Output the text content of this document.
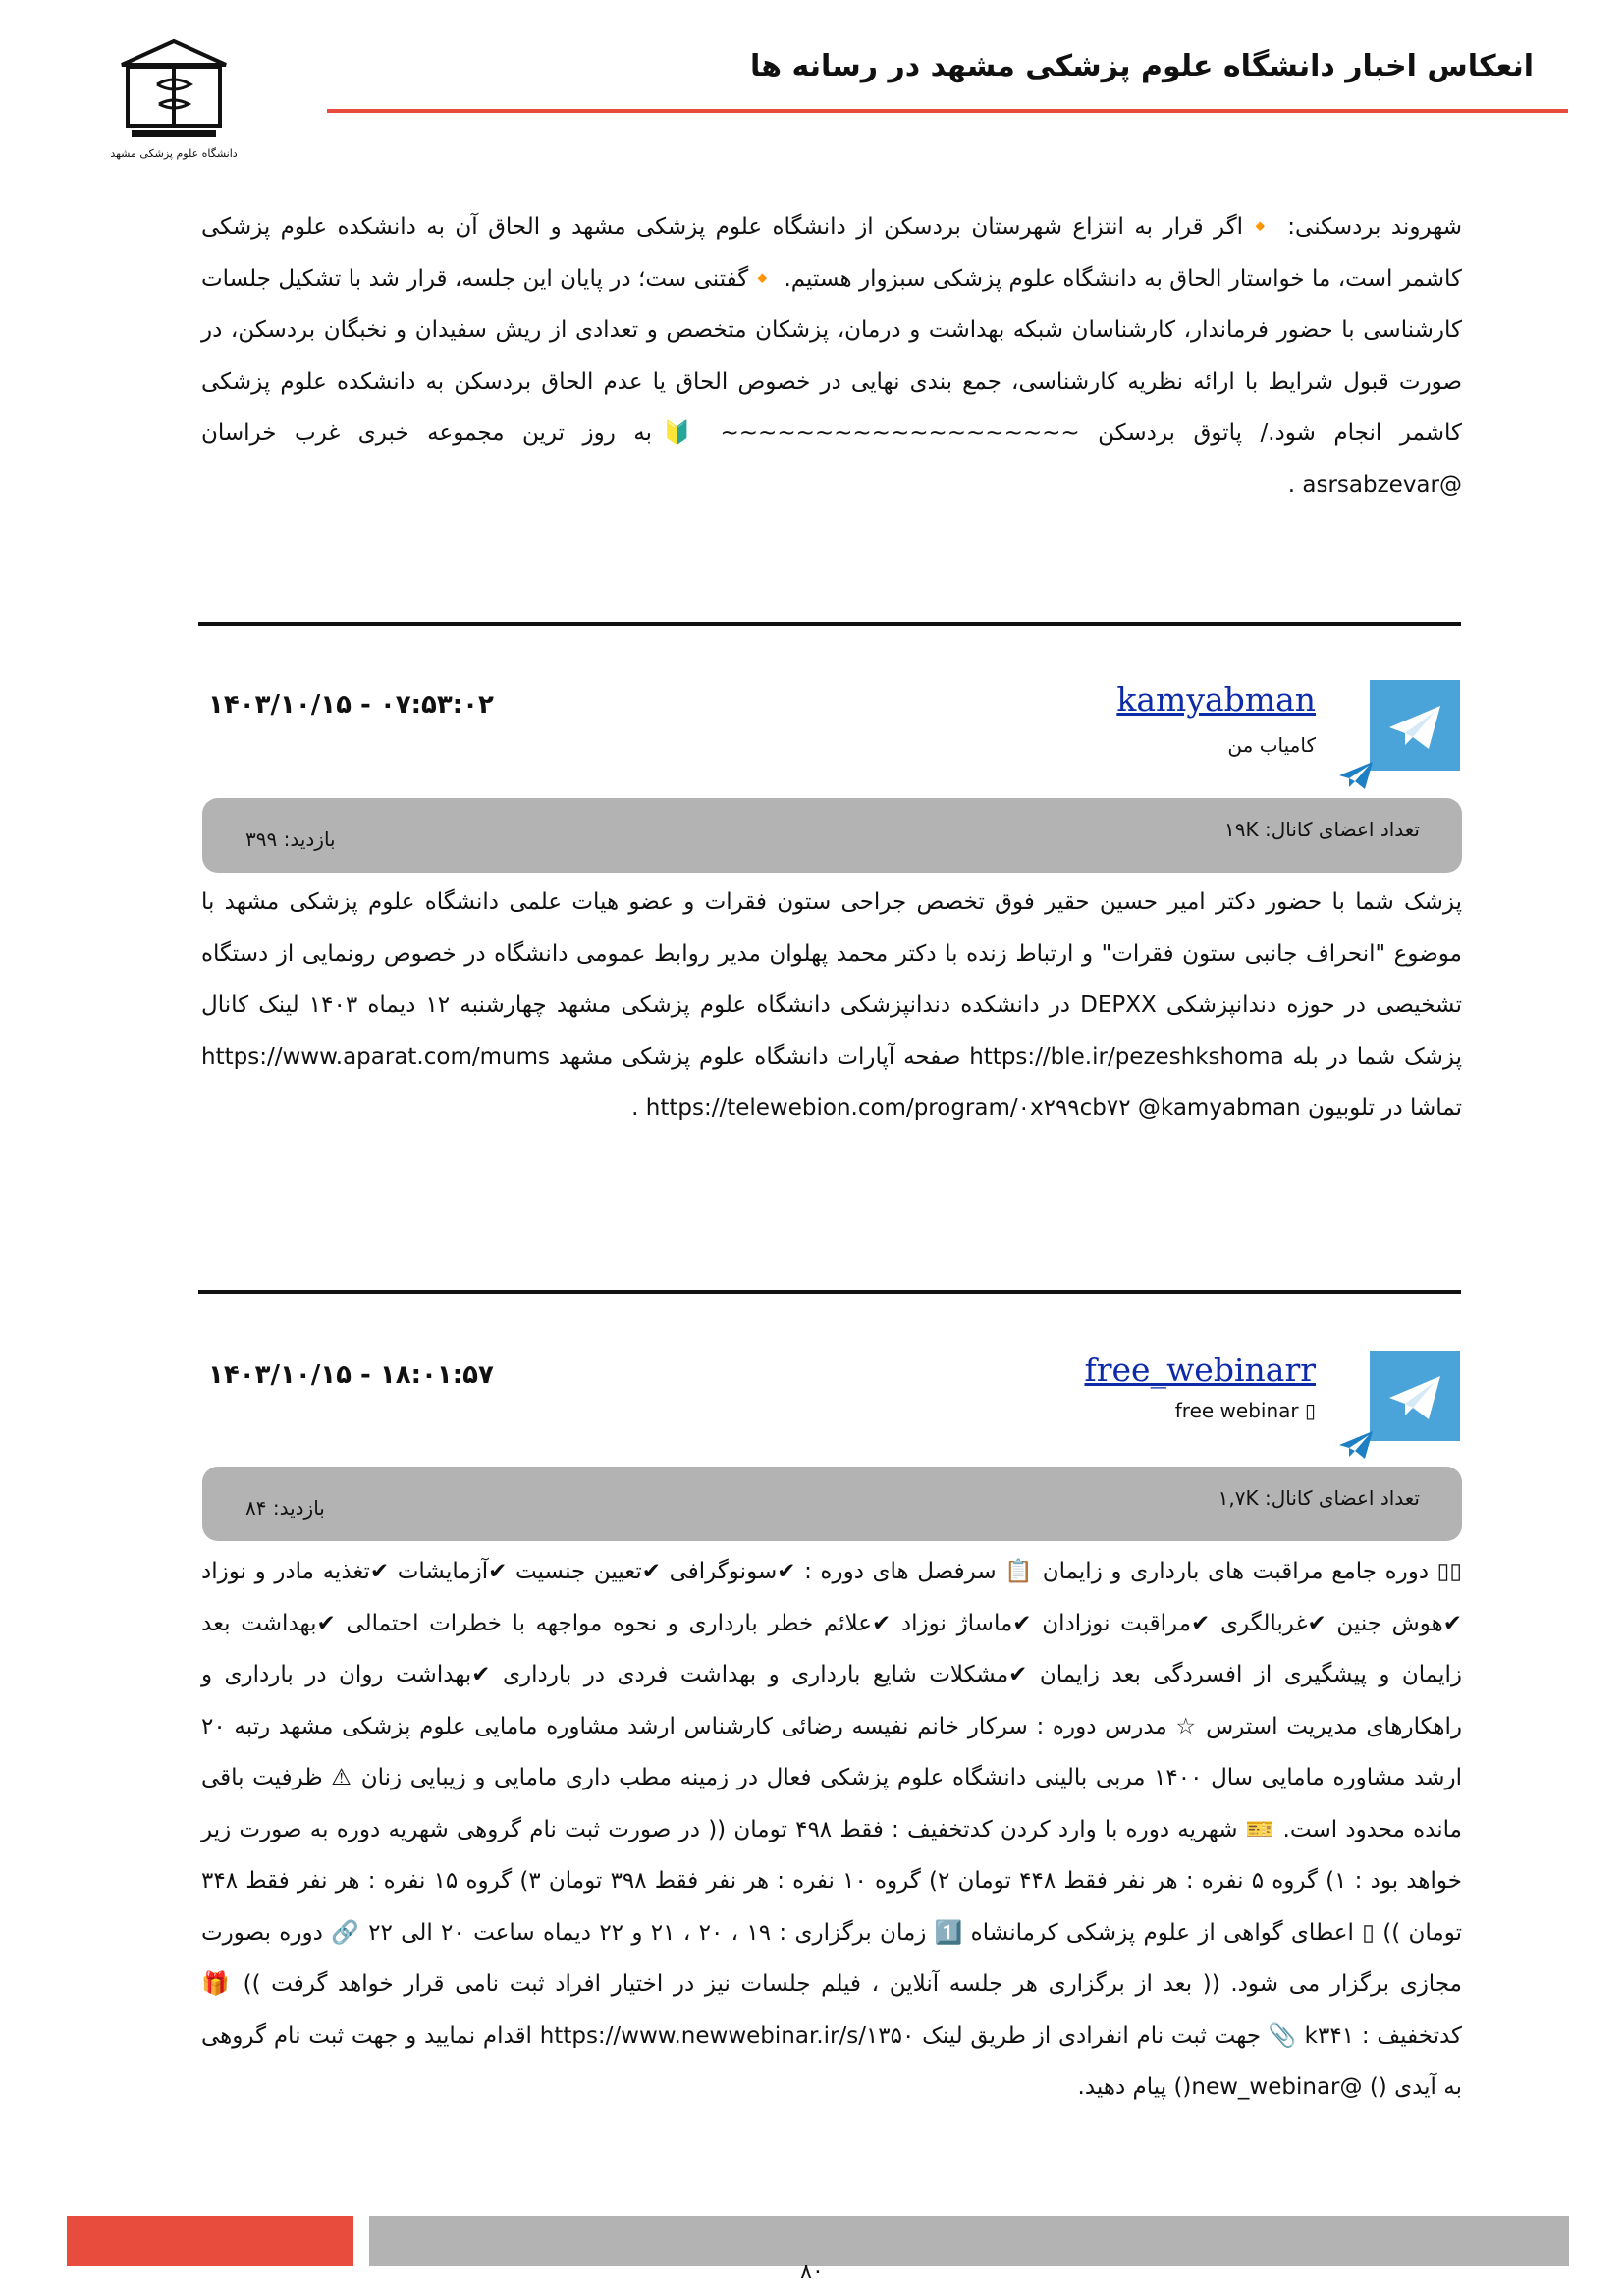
انعکاس اخبار دانشگاه علوم پزشکی مشهد در رسانه ها
دانشگاه علوم پزشکی مشهد
شهروند بردسکنی: 🔸اگر قرار به انتزاع شهرستان بردسکن از دانشگاه علوم پزشکی مشهد و الحاق آن به دانشکده علوم پزشکی کاشمر است، ما خواستار الحاق به دانشگاه علوم پزشکی سبزوار هستیم. 🔸گفتنی ست؛ در پایان این جلسه، قرار شد با تشکیل جلسات کارشناسی با حضور فرماندار، کارشناسان شبکه بهداشت و درمان، پزشکان متخصص و تعدادی از ریش سفیدان و نخبگان بردسکن، در صورت قبول شرایط با ارائه نظریه کارشناسی، جمع بندی نهایی در خصوص الحاق یا عدم الحاق بردسکن به دانشکده علوم پزشکی کاشمر انجام شود./ پاتوق بردسکن ~~~~~~~~~~~~~~~~~~~ 🔰به روز ترین مجموعه خبری غرب خراسان @asrsabzevar .
kamyabman
کامیاب من
۱۴۰۳/۱۰/۱۵ - ۰۷:۵۳:۰۲
تعداد اعضای کانال: ۱۹K
بازدید: ۳۹۹
پزشک شما با حضور دکتر امیر حسین حقیر فوق تخصص جراحی ستون فقرات و عضو هیات علمی دانشگاه علوم پزشکی مشهد با موضوع "انحراف جانبی ستون فقرات" و ارتباط زنده با دکتر محمد پهلوان مدیر روابط عمومی دانشگاه در خصوص رونمایی از دستگاه تشخیصی در حوزه دندانپزشکی DEPXX در دانشکده دندانپزشکی دانشگاه علوم پزشکی مشهد چهارشنبه ۱۲ دیماه ۱۴۰۳ لینک کانال پزشک شما در بله https://ble.ir/pezeshkshoma صفحه آپارات دانشگاه علوم پزشکی مشهد https://www.aparat.com/mums تماشا در تلوبیون https://telewebion.com/program/۰x۲۹۹cb۷۲ @kamyabman .
free_webinarr
▯ free webinar
۱۴۰۳/۱۰/۱۵ - ۱۸:۰۱:۵۷
تعداد اعضای کانال: ۱,۷K
بازدید: ۸۴
▯▯ دوره جامع مراقبت های بارداری و زایمان 📋 سرفصل های دوره : ✔سونوگرافی ✔تعیین جنسیت ✔آزمایشات ✔تغذیه مادر و نوزاد ✔هوش جنین ✔غربالگری ✔مراقبت نوزادان ✔ماساژ نوزاد ✔علائم خطر بارداری و نحوه مواجهه با خطرات احتمالی ✔بهداشت بعد زایمان و پیشگیری از افسردگی بعد زایمان ✔مشکلات شایع بارداری و بهداشت فردی در بارداری ✔بهداشت روان در بارداری و راهکارهای مدیریت استرس ☆ مدرس دوره : سرکار خانم نفیسه رضائی کارشناس ارشد مشاوره مامایی علوم پزشکی مشهد رتبه ۲۰ ارشد مشاوره مامایی سال ۱۴۰۰ مربی بالینی دانشگاه علوم پزشکی فعال در زمینه مطب داری مامایی و زیبایی زنان ⚠ ظرفیت باقی مانده محدود است. 🎫 شهریه دوره با وارد کردن کدتخفیف : فقط ۴۹۸ تومان (( در صورت ثبت نام گروهی شهریه دوره به صورت زیر خواهد بود : ۱) گروه ۵ نفره : هر نفر فقط ۴۴۸ تومان ۲) گروه ۱۰ نفره : هر نفر فقط ۳۹۸ تومان ۳) گروه ۱۵ نفره : هر نفر فقط ۳۴۸ تومان )) ▯ اعطای گواهی از علوم پزشکی کرمانشاه 1️⃣ زمان برگزاری : ۱۹ ، ۲۰ ، ۲۱ و ۲۲ دیماه ساعت ۲۰ الی ۲۲ 🔗 دوره بصورت مجازی برگزار می شود. (( بعد از برگزاری هر جلسه آنلاین ، فیلم جلسات نیز در اختیار افراد ثبت نامی قرار خواهد گرفت )) 🎁 کدتخفیف : k۳۴۱ 📎 جهت ثبت نام انفرادی از طریق لینک https://www.newwebinar.ir/s/۱۳۵۰ اقدام نمایید و جهت ثبت نام گروهی به آیدی () @new_webinar() پیام دهید.
۸۰
